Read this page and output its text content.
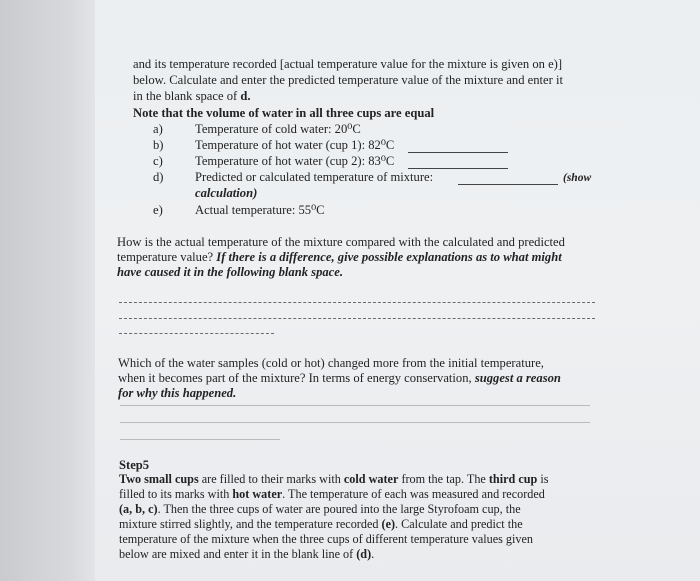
and its temperature recorded [actual temperature value for the mixture is given on e)]
below. Calculate and enter the predicted temperature value of the mixture and enter it
in the blank space of d.
Note that the volume of water in all three cups are equal
a)	Temperature of cold water: 20⁰C
b)	Temperature of hot water (cup 1): 82⁰C
c)	Temperature of hot water (cup 2): 83⁰C
d)	Predicted or calculated temperature of mixture:	(show
calculation)
e)	Actual temperature: 55⁰C
How is the actual temperature of the mixture compared with the calculated and predicted
temperature value? If there is a difference, give possible explanations as to what might
have caused it in the following blank space.
Which of the water samples (cold or hot) changed more from the initial temperature,
when it becomes part of the mixture? In terms of energy conservation, suggest a reason
for why this happened.
Step5
Two small cups are filled to their marks with cold water from the tap. The third cup is
filled to its marks with hot water. The temperature of each was measured and recorded
(a, b, c). Then the three cups of water are poured into the large Styrofoam cup, the
mixture stirred slightly, and the temperature recorded (e). Calculate and predict the
temperature of the mixture when the three cups of different temperature values given
below are mixed and enter it in the blank line of (d).
